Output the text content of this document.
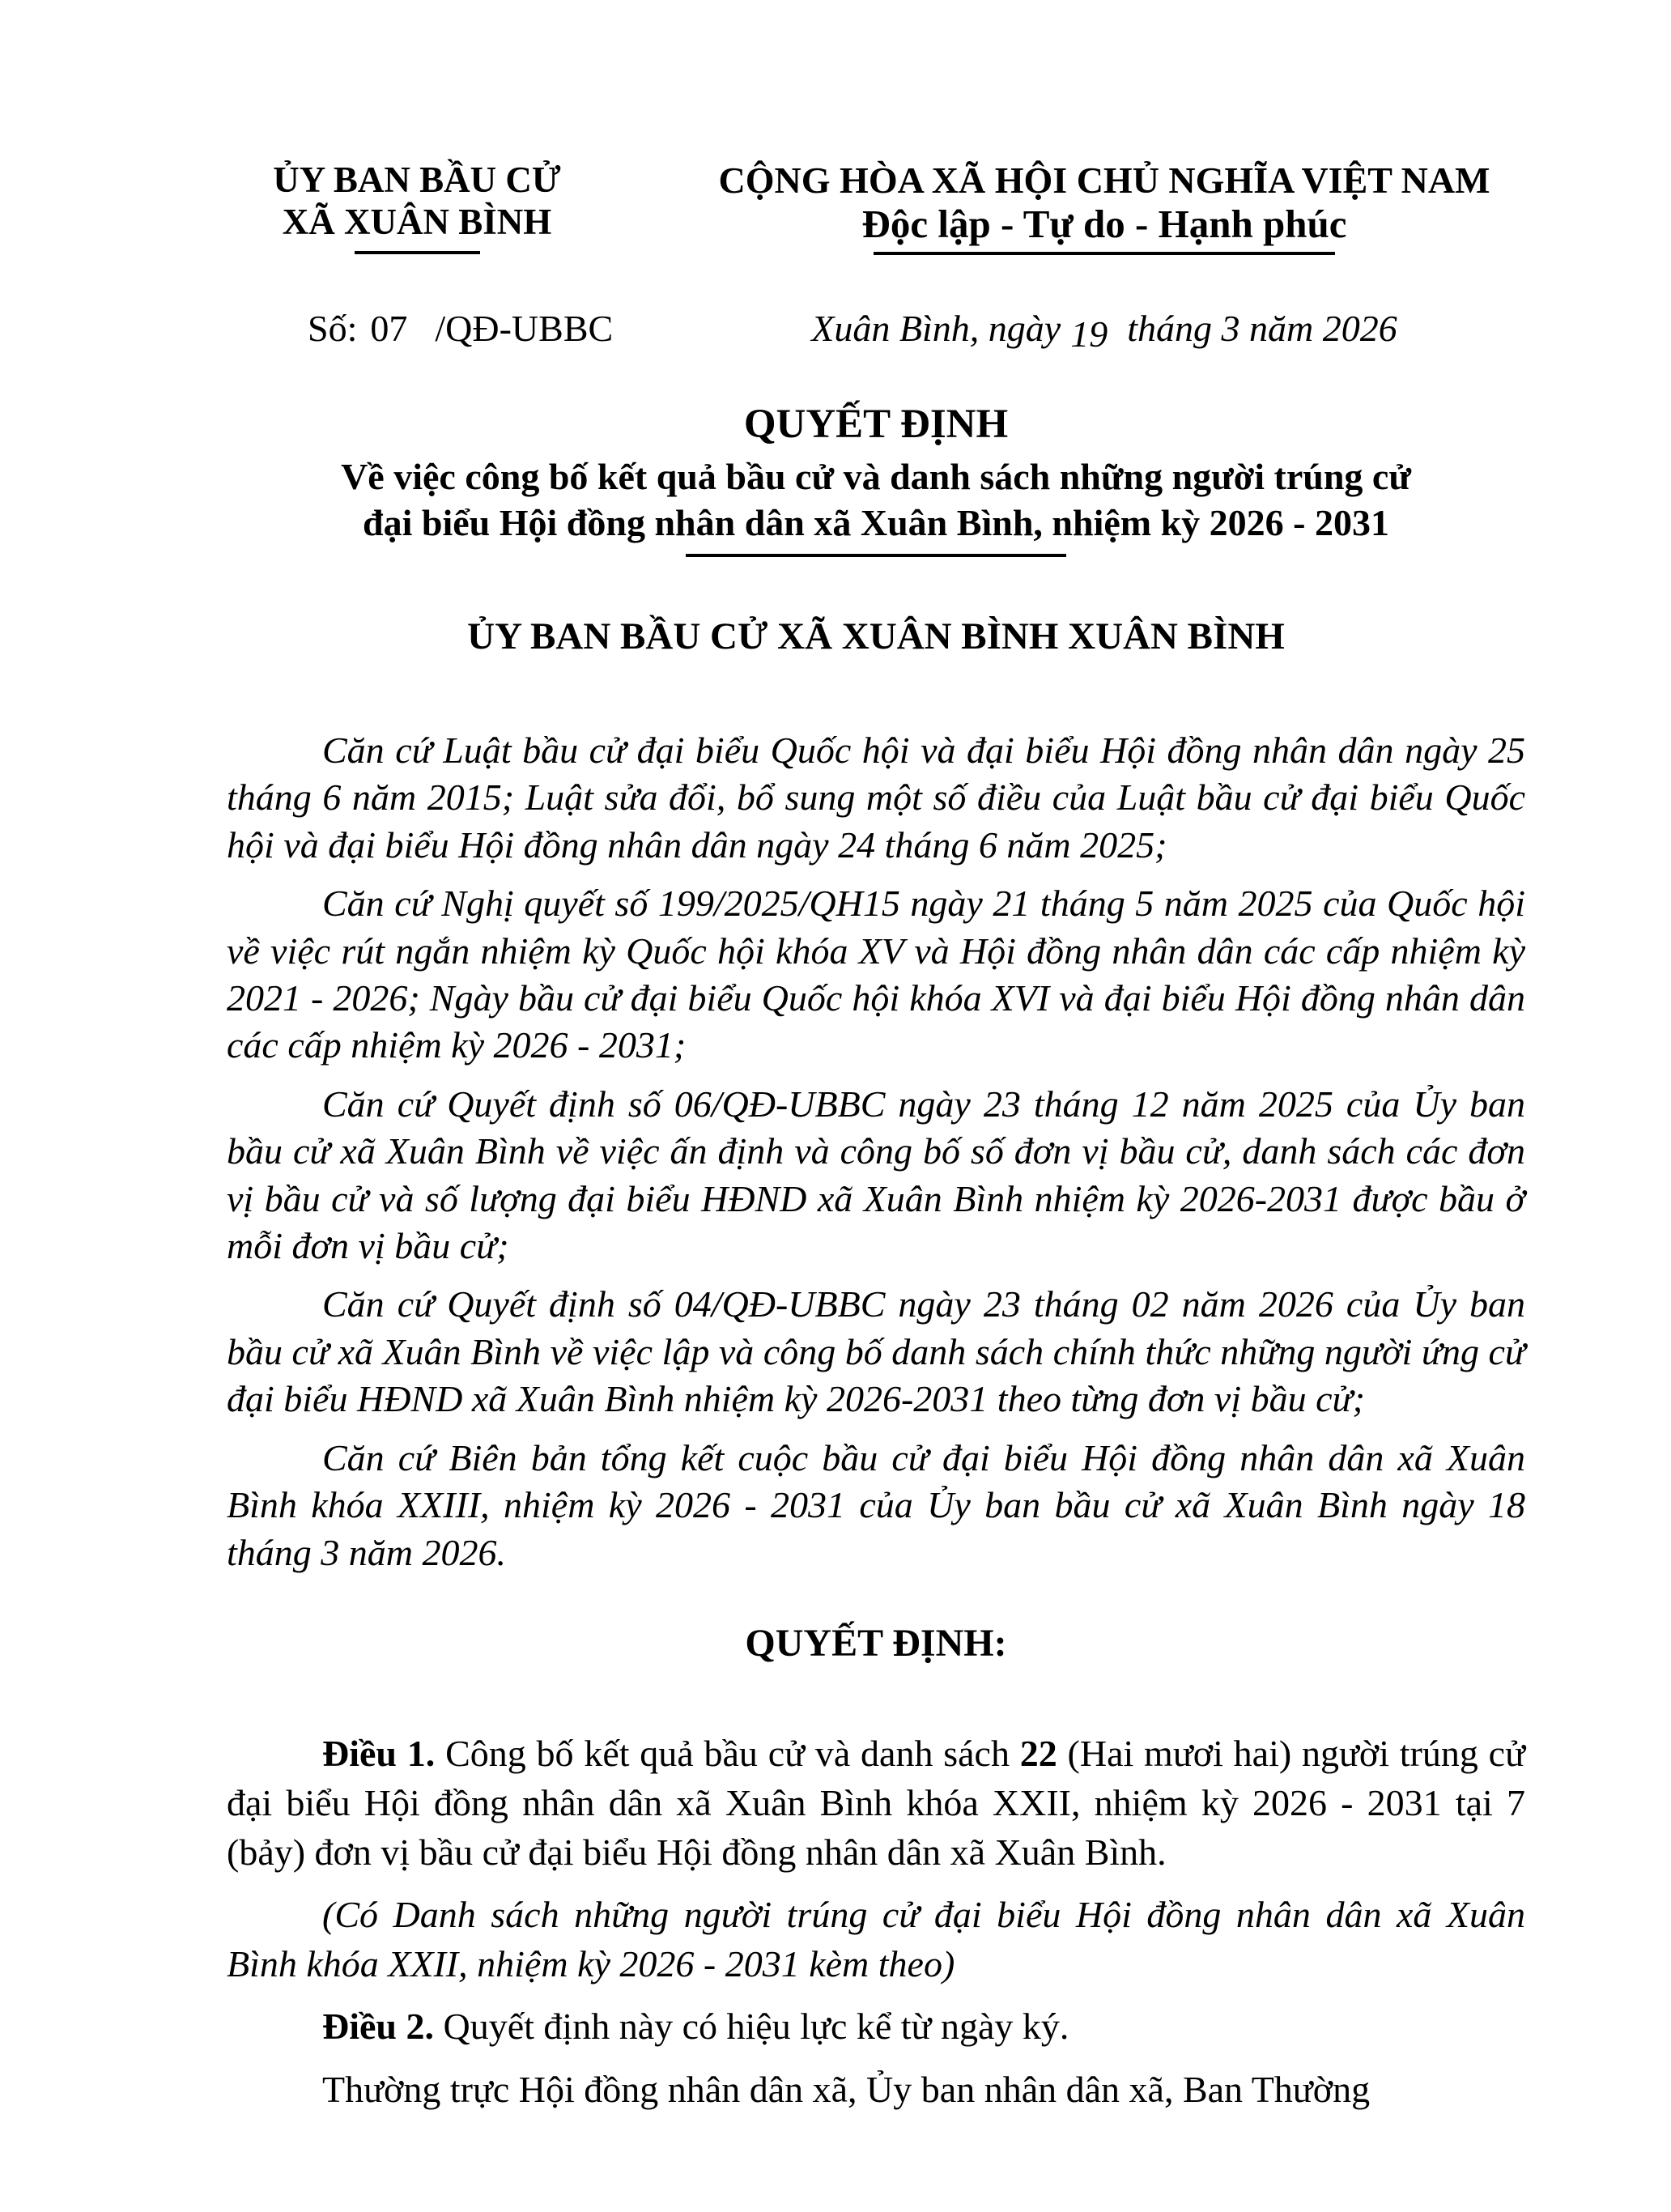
ỦY BAN BẦU CỬ
XÃ XUÂN BÌNH
CỘNG HÒA XÃ HỘI CHỦ NGHĨA VIỆT NAM
Độc lập - Tự do - Hạnh phúc
Số: 07 /QĐ-UBBC	Xuân Bình, ngày 19 tháng 3 năm 2026
QUYẾT ĐỊNH
Về việc công bố kết quả bầu cử và danh sách những người trúng cử
đại biểu Hội đồng nhân dân xã Xuân Bình, nhiệm kỳ 2026 - 2031
ỦY BAN BẦU CỬ XÃ XUÂN BÌNH XUÂN BÌNH

Căn cứ Luật bầu cử đại biểu Quốc hội và đại biểu Hội đồng nhân dân ngày 25 tháng 6 năm 2015; Luật sửa đổi, bổ sung một số điều của Luật bầu cử đại biểu Quốc hội và đại biểu Hội đồng nhân dân ngày 24 tháng 6 năm 2025;

Căn cứ Nghị quyết số 199/2025/QH15 ngày 21 tháng 5 năm 2025 của Quốc hội về việc rút ngắn nhiệm kỳ Quốc hội khóa XV và Hội đồng nhân dân các cấp nhiệm kỳ 2021 - 2026; Ngày bầu cử đại biểu Quốc hội khóa XVI và đại biểu Hội đồng nhân dân các cấp nhiệm kỳ 2026 - 2031;

Căn cứ Quyết định số 06/QĐ-UBBC ngày 23 tháng 12 năm 2025 của Ủy ban bầu cử xã Xuân Bình về việc ấn định và công bố số đơn vị bầu cử, danh sách các đơn vị bầu cử và số lượng đại biểu HĐND xã Xuân Bình nhiệm kỳ 2026-2031 được bầu ở mỗi đơn vị bầu cử;

Căn cứ Quyết định số 04/QĐ-UBBC ngày 23 tháng 02 năm 2026 của Ủy ban bầu cử xã Xuân Bình về việc lập và công bố danh sách chính thức những người ứng cử đại biểu HĐND xã Xuân Bình nhiệm kỳ 2026-2031 theo từng đơn vị bầu cử;

Căn cứ Biên bản tổng kết cuộc bầu cử đại biểu Hội đồng nhân dân xã Xuân Bình khóa XXIII, nhiệm kỳ 2026 - 2031 của Ủy ban bầu cử xã Xuân Bình ngày 18 tháng 3 năm 2026.

QUYẾT ĐỊNH:

Điều 1. Công bố kết quả bầu cử và danh sách 22 (Hai mươi hai) người trúng cử đại biểu Hội đồng nhân dân xã Xuân Bình khóa XXII, nhiệm kỳ 2026 - 2031 tại 7 (bảy) đơn vị bầu cử đại biểu Hội đồng nhân dân xã Xuân Bình.

(Có Danh sách những người trúng cử đại biểu Hội đồng nhân dân xã Xuân Bình khóa XXII, nhiệm kỳ 2026 - 2031 kèm theo)

Điều 2. Quyết định này có hiệu lực kể từ ngày ký.

Thường trực Hội đồng nhân dân xã, Ủy ban nhân dân xã, Ban Thường
